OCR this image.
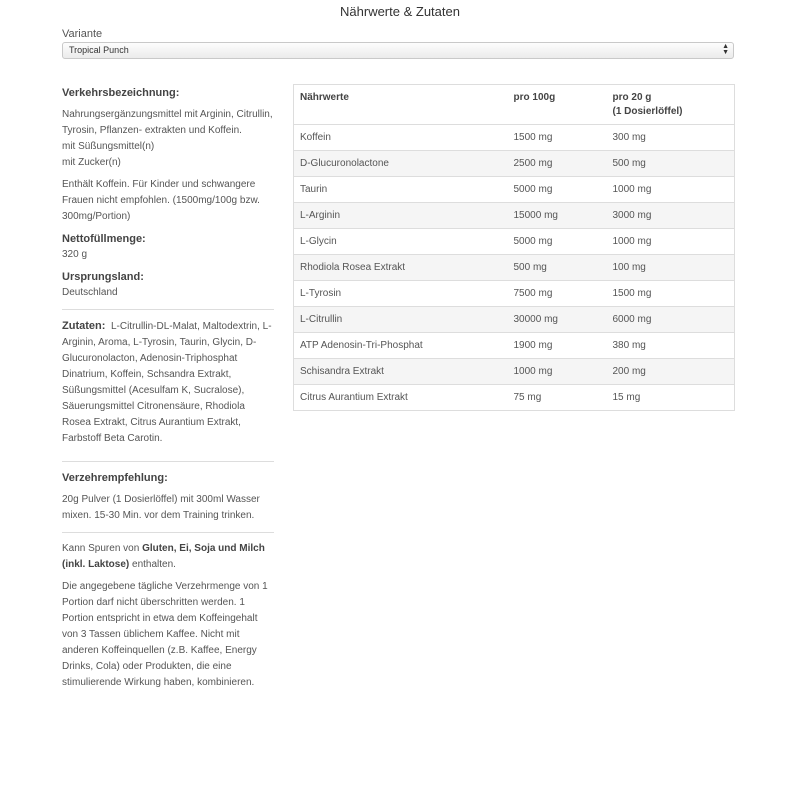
Nährwerte & Zutaten
Variante
Tropical Punch	▲
▼

Verkehrsbezeichnung:

Nahrungsergänzungsmittel mit Arginin, Citrullin, Tyrosin, Pflanzen- extrakten und Koffein.

mit Süßungsmittel(n)

mit Zucker(n)

Enthält Koffein. Für Kinder und schwangere Frauen nicht empfohlen. (1500mg/100g bzw. 300mg/Portion)

Nettofüllmenge:

320 g

Ursprungsland:

Deutschland

Zutaten: L-Citrullin-DL-Malat, Maltodextrin, L-Arginin, Aroma, L-Tyrosin, Taurin, Glycin, D-Glucuronolacton, Adenosin-Triphosphat Dinatrium, Koffein, Schsandra Extrakt, Süßungsmittel (Acesulfam K, Sucralose), Säuerungsmittel Citronensäure, Rhodiola Rosea Extrakt, Citrus Aurantium Extrakt, Farbstoff Beta Carotin.

Verzehrempfehlung:

20g Pulver (1 Dosierlöffel) mit 300ml Wasser mixen. 15-30 Min. vor dem Training trinken.

Kann Spuren von Gluten, Ei, Soja und Milch (inkl. Laktose) enthalten.

Die angegebene tägliche Verzehrmenge von 1 Portion darf nicht überschritten werden. 1 Portion entspricht in etwa dem Koffeingehalt von 3 Tassen üblichem Kaffee. Nicht mit anderen Koffeinquellen (z.B. Kaffee, Energy Drinks, Cola) oder Produkten, die eine stimulierende Wirkung haben, kombinieren.

Nährwerte	pro 100g	pro 20 g
(1 Dosierlöffel)
Koffein	1500 mg	300 mg
D-Glucuronolactone	2500 mg	500 mg
Taurin	5000 mg	1000 mg
L-Arginin	15000 mg	3000 mg
L-Glycin	5000 mg	1000 mg
Rhodiola Rosea Extrakt	500 mg	100 mg
L-Tyrosin	7500 mg	1500 mg
L-Citrullin	30000 mg	6000 mg
ATP Adenosin-Tri-Phosphat	1900 mg	380 mg
Schisandra Extrakt	1000 mg	200 mg
Citrus Aurantium Extrakt	75 mg	15 mg
